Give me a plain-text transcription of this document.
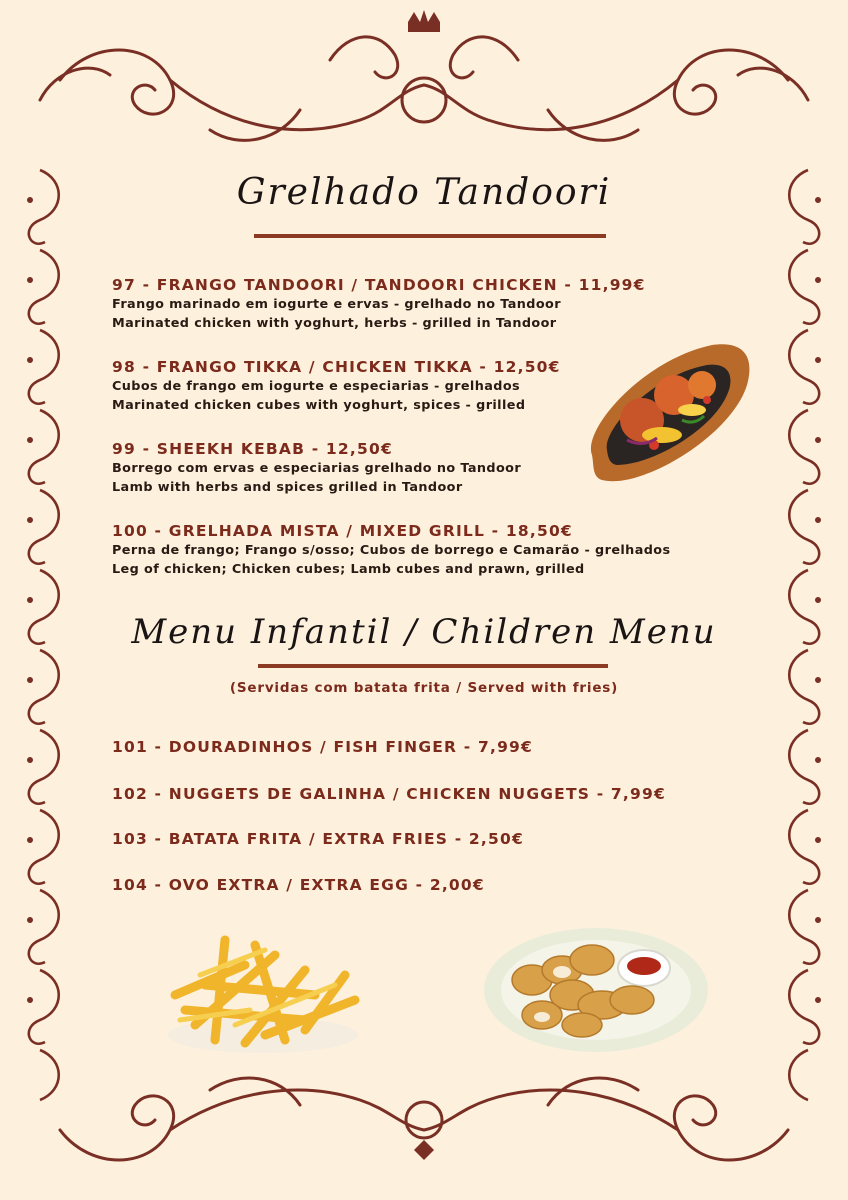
Grelhado Tandoori
97 - FRANGO TANDOORI / TANDOORI CHICKEN - 11,99€
Frango marinado em iogurte e ervas - grelhado no Tandoor
Marinated chicken with yoghurt, herbs - grilled in Tandoor
98 - FRANGO TIKKA / CHICKEN TIKKA - 12,50€
Cubos de frango em iogurte e especiarias - grelhados
Marinated chicken cubes with yoghurt, spices - grilled
99 - SHEEKH KEBAB - 12,50€
Borrego com ervas e especiarias grelhado no Tandoor
Lamb with herbs and spices grilled in Tandoor
100 - GRELHADA MISTA / MIXED GRILL - 18,50€
Perna de frango; Frango s/osso; Cubos de borrego e Camarão - grelhados
Leg of chicken; Chicken cubes; Lamb cubes and prawn, grilled
Menu Infantil / Children Menu
(Servidas com batata frita / Served with fries)
101 - DOURADINHOS / FISH FINGER - 7,99€
102 - NUGGETS DE GALINHA / CHICKEN NUGGETS - 7,99€
103 - BATATA FRITA / EXTRA FRIES - 2,50€
104 - OVO EXTRA / EXTRA EGG - 2,00€
